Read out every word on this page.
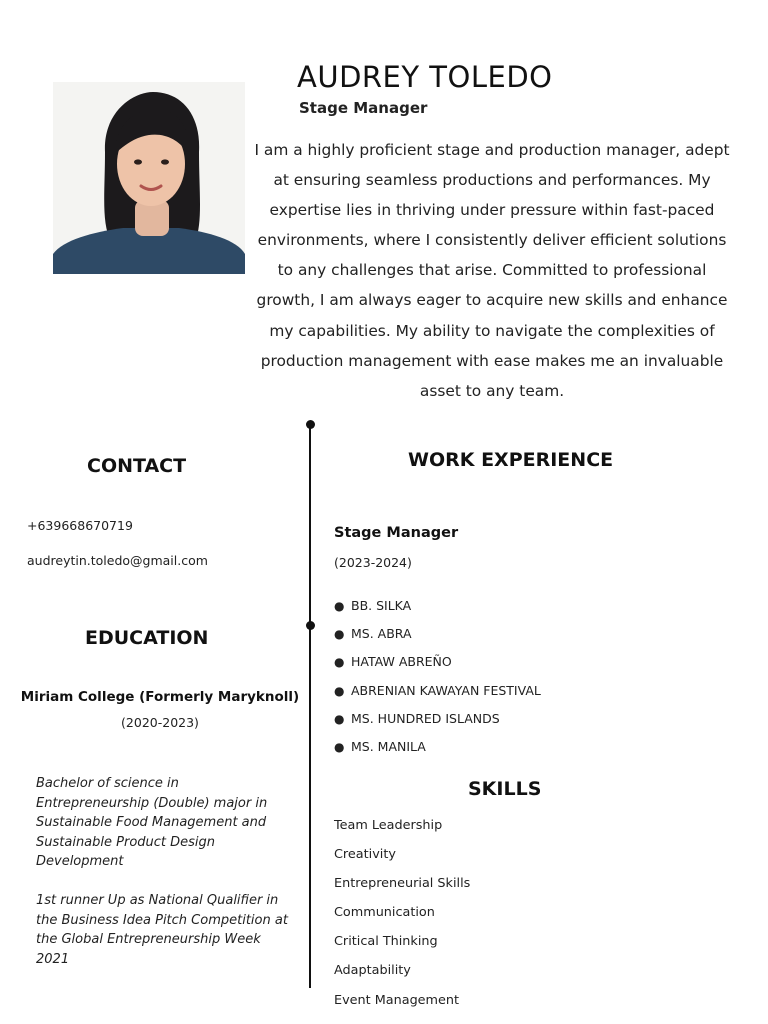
AUDREY TOLEDO
Stage Manager
I am a highly proficient stage and production manager, adept at ensuring seamless productions and performances. My expertise lies in thriving under pressure within fast-paced environments, where I consistently deliver efficient solutions to any challenges that arise. Committed to professional growth, I am always eager to acquire new skills and enhance my capabilities. My ability to navigate the complexities of production management with ease makes me an invaluable asset to any team.
CONTACT
+639668670719
audreytin.toledo@gmail.com
WORK EXPERIENCE
Stage Manager
(2023-2024)
● BB. SILKA
● MS. ABRA
● HATAW ABREÑO
● ABRENIAN KAWAYAN FESTIVAL
● MS. HUNDRED ISLANDS
● MS. MANILA
EDUCATION
Miriam College (Formerly Maryknoll)
(2020-2023)
Bachelor of science in Entrepreneurship (Double) major in Sustainable Food Management and Sustainable Product Design Development
1st runner Up as National Qualifier in the Business Idea Pitch Competition at the Global Entrepreneurship Week 2021
SKILLS
Team Leadership
Creativity
Entrepreneurial Skills
Communication
Critical Thinking
Adaptability
Event Management
